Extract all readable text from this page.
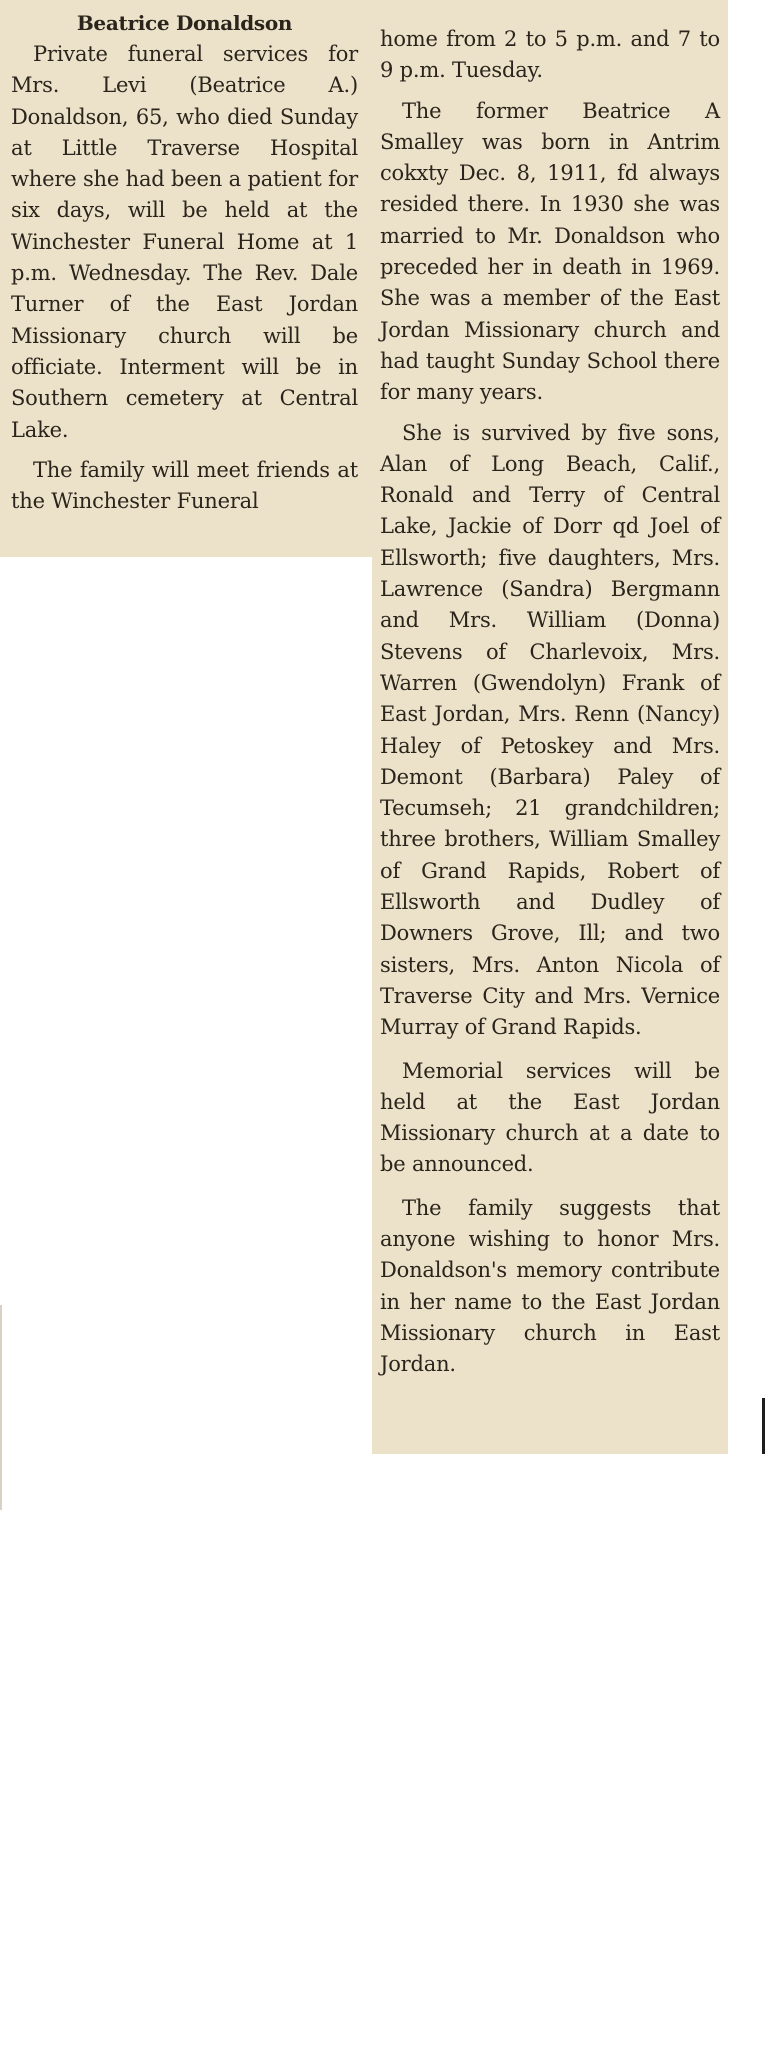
Beatrice Donaldson

Private funeral services for Mrs. Levi (Beatrice A.) Donaldson, 65, who died Sunday at Little Traverse Hospital where she had been a patient for six days, will be held at the Winchester Funeral Home at 1 p.m. Wednesday. The Rev. Dale Turner of the East Jordan Missionary church will be officiate. Interment will be in Southern cemetery at Central Lake.

The family will meet friends at the Winchester Funeral

home from 2 to 5 p.m. and 7 to 9 p.m. Tuesday.

The former Beatrice A Smalley was born in Antrim cokxty Dec. 8, 1911, fd always resided there. In 1930 she was married to Mr. Donaldson who preceded her in death in 1969. She was a member of the East Jordan Missionary church and had taught Sunday School there for many years.

She is survived by five sons, Alan of Long Beach, Calif., Ronald and Terry of Central Lake, Jackie of Dorr qd Joel of Ellsworth; five daughters, Mrs. Lawrence (Sandra) Bergmann and Mrs. William (Donna) Stevens of Charlevoix, Mrs. Warren (Gwendolyn) Frank of East Jordan, Mrs. Renn (Nancy) Haley of Petoskey and Mrs. Demont (Barbara) Paley of Tecumseh; 21 grandchildren; three brothers, William Smalley of Grand Rapids, Robert of Ellsworth and Dudley of Downers Grove, Ill; and two sisters, Mrs. Anton Nicola of Traverse City and Mrs. Vernice Murray of Grand Rapids.

Memorial services will be held at the East Jordan Missionary church at a date to be announced.

The family suggests that anyone wishing to honor Mrs. Donaldson's memory contribute in her name to the East Jordan Missionary church in East Jordan.
